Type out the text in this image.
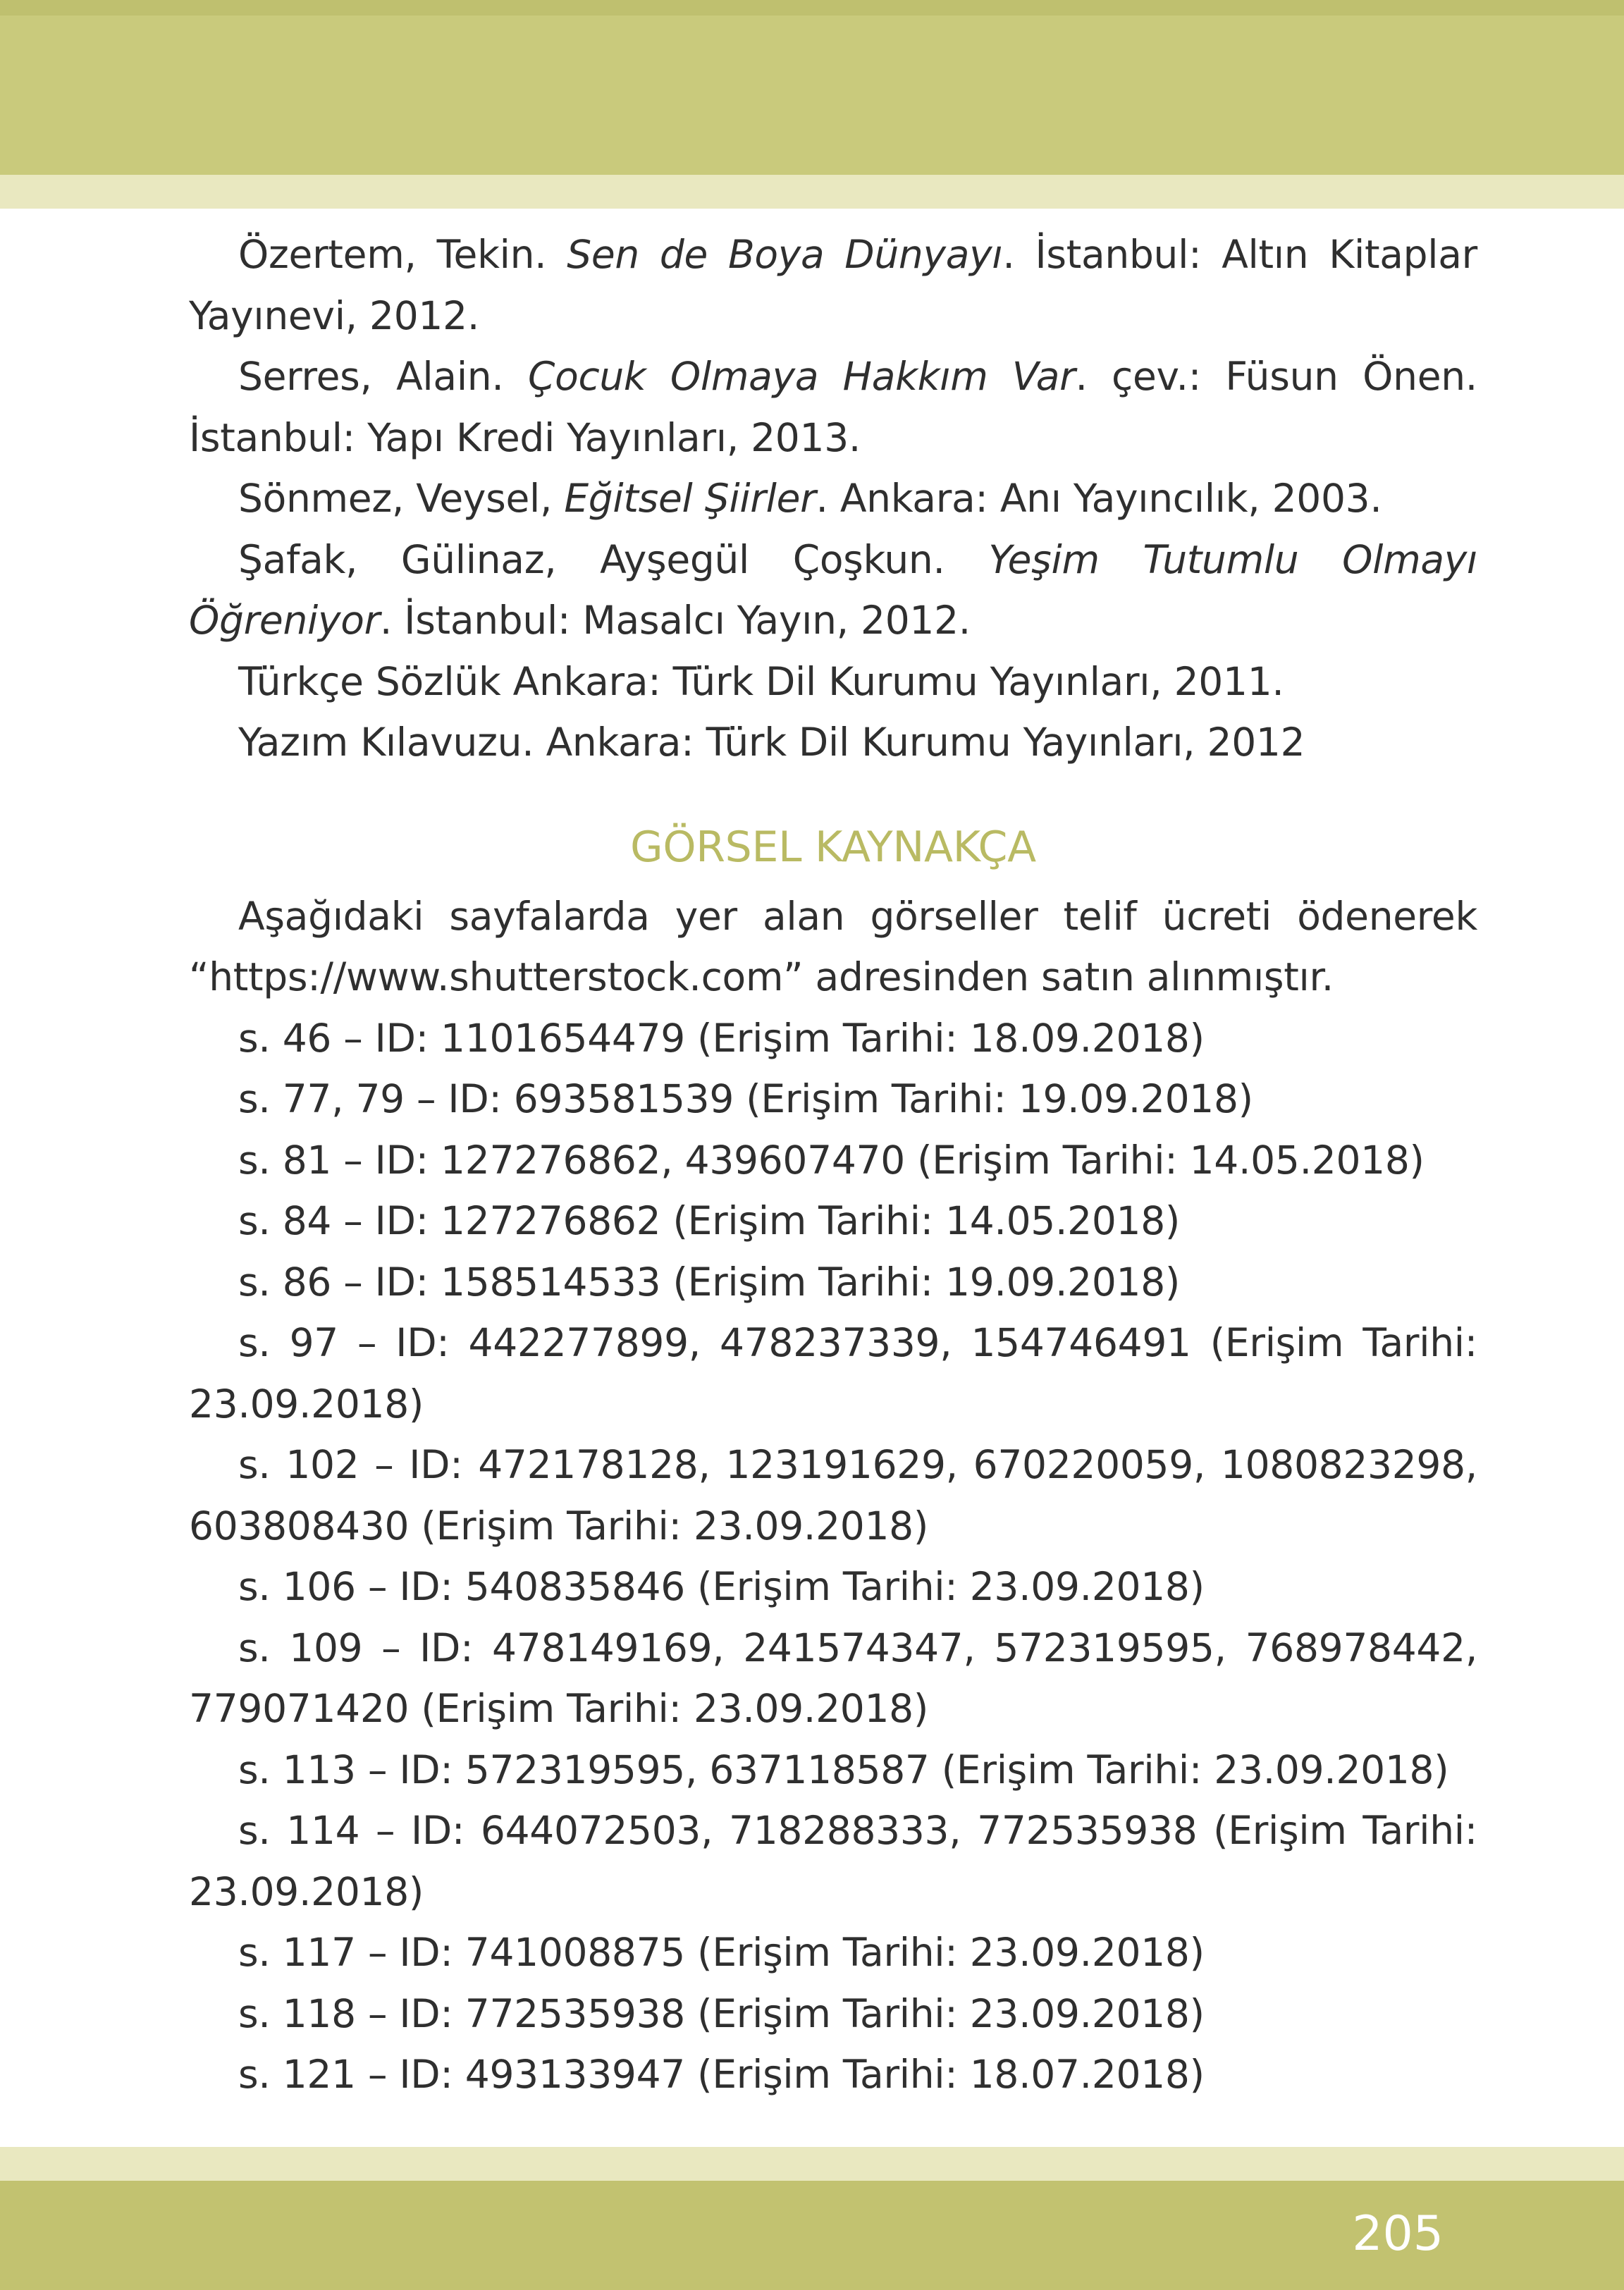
Özertem, Tekin. Sen de Boya Dünyayı. İstanbul: Altın Kitaplar Yayınevi, 2012.

Serres, Alain. Çocuk Olmaya Hakkım Var. çev.: Füsun Önen. İstanbul: Yapı Kredi Yayınları, 2013.

Sönmez, Veysel, Eğitsel Şiirler. Ankara: Anı Yayıncılık, 2003.

Şafak, Gülinaz, Ayşegül Çoşkun. Yeşim Tutumlu Olmayı Öğreniyor. İstanbul: Masalcı Yayın, 2012.

Türkçe Sözlük Ankara: Türk Dil Kurumu Yayınları, 2011.

Yazım Kılavuzu. Ankara: Türk Dil Kurumu Yayınları, 2012

GÖRSEL KAYNAKÇA

Aşağıdaki sayfalarda yer alan görseller telif ücreti ödenerek “https://www.shutterstock.com” adresinden satın alınmıştır.

s. 46 – ID: 1101654479 (Erişim Tarihi: 18.09.2018)

s. 77, 79 – ID: 693581539 (Erişim Tarihi: 19.09.2018)

s. 81 – ID: 127276862, 439607470 (Erişim Tarihi: 14.05.2018)

s. 84 – ID: 127276862 (Erişim Tarihi: 14.05.2018)

s. 86 – ID: 158514533 (Erişim Tarihi: 19.09.2018)

s. 97 – ID: 442277899, 478237339, 154746491 (Erişim Tarihi: 23.09.2018)

s. 102 – ID: 472178128, 123191629, 670220059, 1080823298, 603808430 (Erişim Tarihi: 23.09.2018)

s. 106 – ID: 540835846 (Erişim Tarihi: 23.09.2018)

s. 109 – ID: 478149169, 241574347, 572319595, 768978442, 779071420 (Erişim Tarihi: 23.09.2018)

s. 113 – ID: 572319595, 637118587 (Erişim Tarihi: 23.09.2018)

s. 114 – ID: 644072503, 718288333, 772535938 (Erişim Tarihi: 23.09.2018)

s. 117 – ID: 741008875 (Erişim Tarihi: 23.09.2018)

s. 118 – ID: 772535938 (Erişim Tarihi: 23.09.2018)

s. 121 – ID: 493133947 (Erişim Tarihi: 18.07.2018)

205
